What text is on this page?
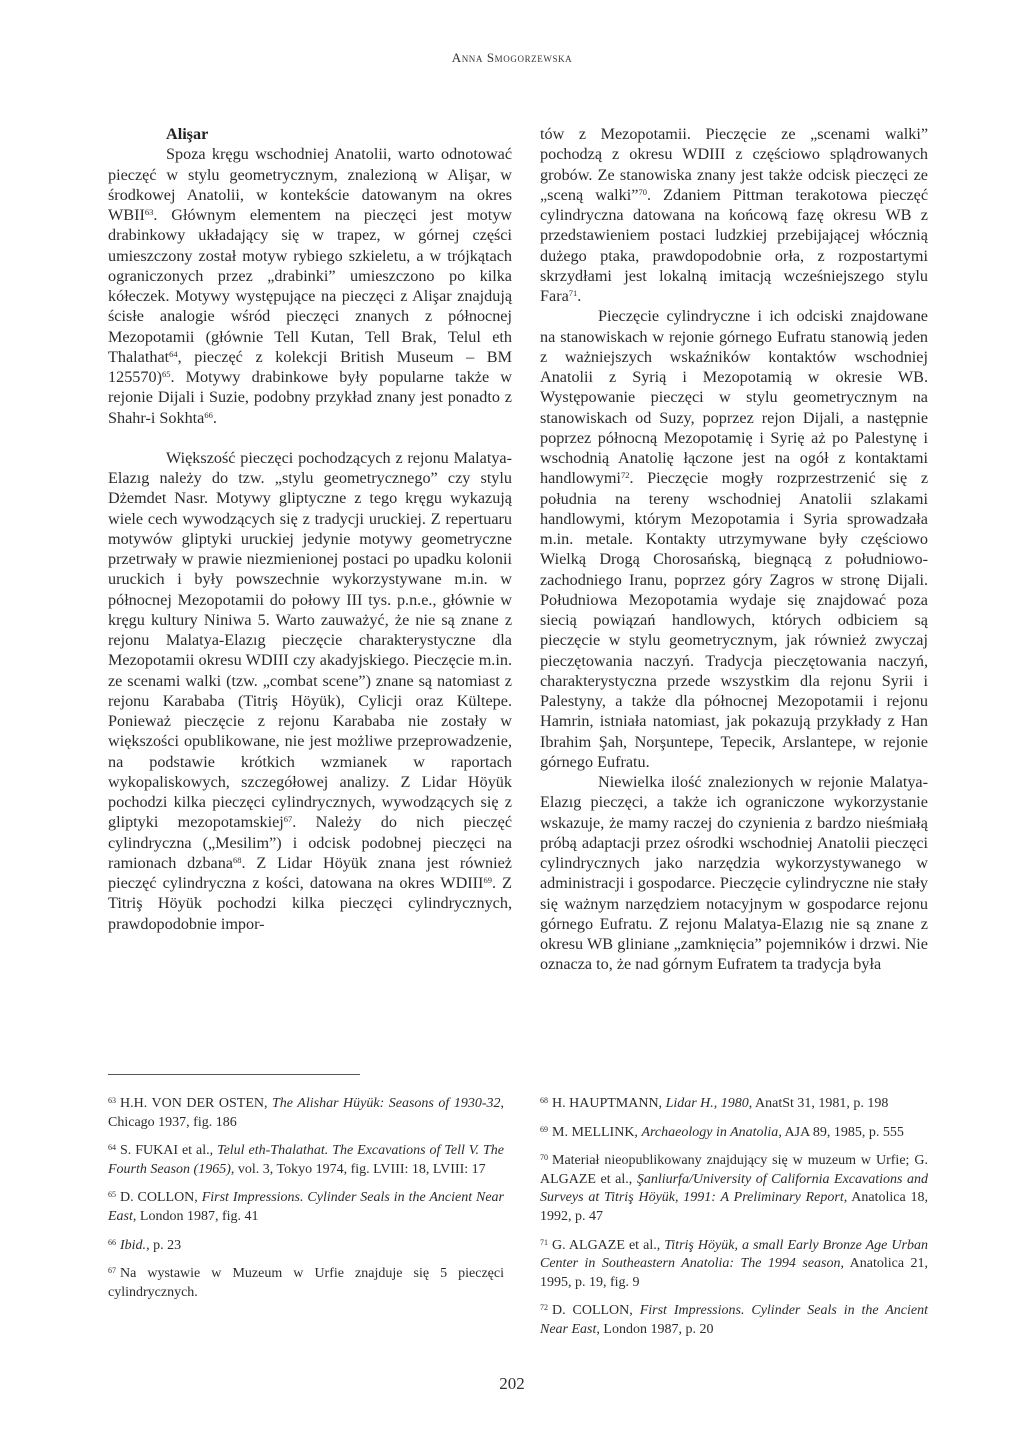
Anna Smogorzewska
Alişar

Spoza kręgu wschodniej Anatolii, warto odnotować pieczęć w stylu geometrycznym, znalezioną w Alişar, w środkowej Anatolii, w kontekście datowanym na okres WBII$^{63}$. Głównym elementem na pieczęci jest motyw drabinkowy układający się w trapez, w górnej części umieszczony został motyw rybiego szkieletu, a w trójkątach ograniczonych przez „drabinki” umieszczono po kilka kółeczek. Motywy występujące na pieczęci z Alişar znajdują ścisłe analogie wśród pieczęci znanych z północnej Mezopotamii (głównie Tell Kutan, Tell Brak, Telul eth Thalathat$^{64}$, pieczęć z kolekcji British Museum – BM 125570)$^{65}$. Motywy drabinkowe były popularne także w rejonie Dijali i Suzie, podobny przykład znany jest ponadto z Shahr-i Sokhta$^{66}$.

Większość pieczęci pochodzących z rejonu Malatya-Elazıg należy do tzw. „stylu geometrycznego” czy stylu Dżemdet Nasr. Motywy gliptyczne z tego kręgu wykazują wiele cech wywodzących się z tradycji uruckiej. Z repertuaru motywów gliptyki uruckiej jedynie motywy geometryczne przetrwały w prawie niezmienionej postaci po upadku kolonii uruckich i były powszechnie wykorzystywane m.in. w północnej Mezopotamii do połowy III tys. p.n.e., głównie w kręgu kultury Niniwa 5. Warto zauważyć, że nie są znane z rejonu Malatya-Elazıg pieczęcie charakterystyczne dla Mezopotamii okresu WDIII czy akadyjskiego. Pieczęcie m.in. ze scenami walki (tzw. „combat scene”) znane są natomiast z rejonu Karababa (Titriş Höyük), Cylicji oraz Kültepe. Ponieważ pieczęcie z rejonu Karababa nie zostały w większości opublikowane, nie jest możliwe przeprowadzenie, na podstawie krótkich wzmianek w raportach wykopaliskowych, szczegółowej analizy. Z Lidar Höyük pochodzi kilka pieczęci cylindrycznych, wywodzących się z gliptyki mezopotamskiej$^{67}$. Należy do nich pieczęć cylindryczna („Mesilim”) i odcisk podobnej pieczęci na ramionach dzbana$^{68}$. Z Lidar Höyük znana jest również pieczęć cylindryczna z kości, datowana na okres WDIII$^{69}$. Z Titriş Höyük pochodzi kilka pieczęci cylindrycznych, prawdopodobnie impor-

tów z Mezopotamii. Pieczęcie ze „scenami walki” pochodzą z okresu WDIII z częściowo splądrowanych grobów. Ze stanowiska znany jest także odcisk pieczęci ze „sceną walki”$^{70}$. Zdaniem Pittman terakotowa pieczęć cylindryczna datowana na końcową fazę okresu WB z przedstawieniem postaci ludzkiej przebijającej włócznią dużego ptaka, prawdopodobnie orła, z rozpostartymi skrzydłami jest lokalną imitacją wcześniejszego stylu Fara$^{71}$.

Pieczęcie cylindryczne i ich odciski znajdowane na stanowiskach w rejonie górnego Eufratu stanowią jeden z ważniejszych wskaźników kontaktów wschodniej Anatolii z Syrią i Mezopotamią w okresie WB. Występowanie pieczęci w stylu geometrycznym na stanowiskach od Suzy, poprzez rejon Dijali, a następnie poprzez północną Mezopotamię i Syrię aż po Palestynę i wschodnią Anatolię łączone jest na ogół z kontaktami handlowymi$^{72}$. Pieczęcie mogły rozprzestrzenić się z południa na tereny wschodniej Anatolii szlakami handlowymi, którym Mezopotamia i Syria sprowadzała m.in. metale. Kontakty utrzymywane były częściowo Wielką Drogą Chorosańską, biegnącą z południowo-zachodniego Iranu, poprzez góry Zagros w stronę Dijali. Południowa Mezopotamia wydaje się znajdować poza siecią powiązań handlowych, których odbiciem są pieczęcie w stylu geometrycznym, jak również zwyczaj pieczętowania naczyń. Tradycja pieczętowania naczyń, charakterystyczna przede wszystkim dla rejonu Syrii i Palestyny, a także dla północnej Mezopotamii i rejonu Hamrin, istniała natomiast, jak pokazują przykłady z Han Ibrahim Şah, Norşuntepe, Tepecik, Arslantepe, w rejonie górnego Eufratu.

Niewielka ilość znalezionych w rejonie Malatya-Elazıg pieczęci, a także ich ograniczone wykorzystanie wskazuje, że mamy raczej do czynienia z bardzo nieśmiałą próbą adaptacji przez ośrodki wschodniej Anatolii pieczęci cylindrycznych jako narzędzia wykorzystywanego w administracji i gospodarce. Pieczęcie cylindryczne nie stały się ważnym narzędziem notacyjnym w gospodarce rejonu górnego Eufratu. Z rejonu Malatya-Elazıg nie są znane z okresu WB gliniane „zamknięcia” pojemników i drzwi. Nie oznacza to, że nad górnym Eufratem ta tradycja była

$^{63}$ H.H. VON DER OSTEN, The Alishar Hüyük: Seasons of 1930-32, Chicago 1937, fig. 186

$^{64}$ S. FUKAI et al., Telul eth-Thalathat. The Excavations of Tell V. The Fourth Season (1965), vol. 3, Tokyo 1974, fig. LVIII: 18, LVIII: 17

$^{65}$ D. COLLON, First Impressions. Cylinder Seals in the Ancient Near East, London 1987, fig. 41

$^{66}$ Ibid., p. 23

$^{67}$ Na wystawie w Muzeum w Urfie znajduje się 5 pieczęci cylindrycznych.

$^{68}$ H. HAUPTMANN, Lidar H., 1980, AnatSt 31, 1981, p. 198

$^{69}$ M. MELLINK, Archaeology in Anatolia, AJA 89, 1985, p. 555

$^{70}$ Materiał nieopublikowany znajdujący się w muzeum w Urfie; G. ALGAZE et al., Şanliurfa/University of California Excavations and Surveys at Titriş Höyük, 1991: A Preliminary Report, Anatolica 18, 1992, p. 47

$^{71}$ G. ALGAZE et al., Titriş Höyük, a small Early Bronze Age Urban Center in Southeastern Anatolia: The 1994 season, Anatolica 21, 1995, p. 19, fig. 9

$^{72}$ D. COLLON, First Impressions. Cylinder Seals in the Ancient Near East, London 1987, p. 20

202
